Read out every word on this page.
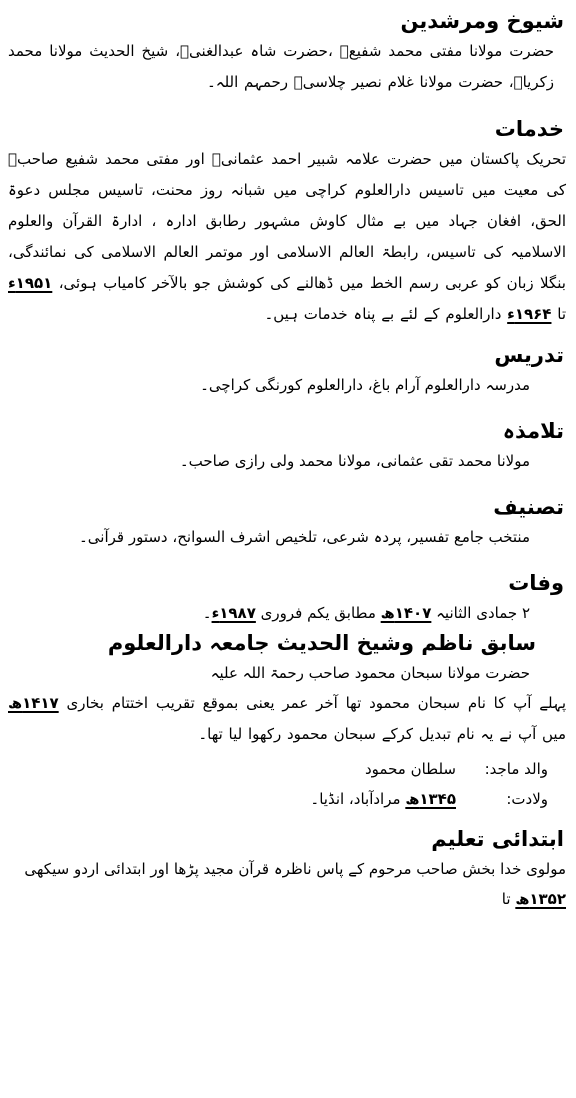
شیوخ ومرشدین

حضرت مولانا مفتی محمد شفیعؒ ،حضرت شاہ عبدالغنیؒ، شیخ الحدیث مولانا محمد زکریاؒ، حضرت مولانا غلام نصیر چلاسیؒ رحمہم اللہ۔

خدمات

تحریک پاکستان میں حضرت علامہ شبیر احمد عثمانیؒ اور مفتی محمد شفیع صاحبؒ کی معیت میں تاسیس دارالعلوم کراچی میں شبانہ روز محنت، تاسیس مجلس دعوۃ الحق، افغان جہاد میں بے مثال کاوش مشہور رطابق ادارہ ، ادارۃ القرآن والعلوم الاسلامیہ کی تاسیس، رابطۃ العالم الاسلامی اور موتمر العالم الاسلامی کی نمائندگی، بنگلا زبان کو عربی رسم الخط میں ڈھالنے کی کوشش جو بالآخر کامیاب ہوئی، ۱۹۵۱ء تا ۱۹۶۴ء دارالعلوم کے لئے بے پناہ خدمات ہیں۔

تدریس

مدرسہ دارالعلوم آرام باغ، دارالعلوم کورنگی کراچی۔

تلامذہ

مولانا محمد تقی عثمانی، مولانا محمد ولی رازی صاحب۔

تصنیف

منتخب جامع تفسیر، پردہ شرعی، تلخیص اشرف السوانح، دستور قرآنی۔

وفات

۲ جمادی الثانیہ ۱۴۰۷ھ مطابق یکم فروری ۱۹۸۷ء۔

سابق ناظم وشیخ الحدیث جامعہ دارالعلوم

حضرت مولانا سبحان محمود صاحب رحمۃ اللہ علیہ

پہلے آپ کا نام سبحان محمود تھا آخر عمر یعنی بموقع تقریب اختتام بخاری ۱۴۱۷ھ میں آپ نے یہ نام تبدیل کرکے سبحان محمود رکھوا لیا تھا۔

والد ماجد:
سلطان محمود
ولادت:
۱۳۴۵ھ مرادآباد، انڈیا۔
ابتدائی تعلیم

مولوی خدا بخش صاحب مرحوم کے پاس ناظرہ قرآن مجید پڑھا اور ابتدائی اردو سیکھی ۱۳۵۲ھ تا
